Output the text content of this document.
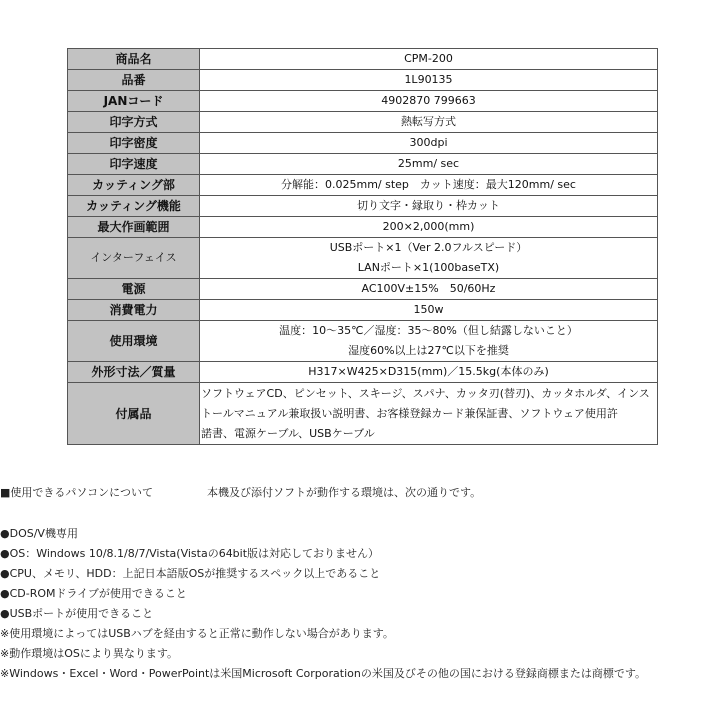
商品名	CPM-200
品番	1L90135
JANコード	4902870 799663
印字方式	熱転写方式
印字密度	300dpi
印字速度	25mm/ sec
カッティング部	分解能：0.025mm/ step　カット速度：最大120mm/ sec
カッティング機能	切り文字・縁取り・枠カット
最大作画範囲	200×2,000(mm)
インターフェイス	USBポート×1（Ver 2.0フルスピード）
LANポート×1(100baseTX)

電源	AC100V±15%　50/60Hz
消費電力	150w
使用環境	温度：10～35℃／湿度：35～80%（但し結露しないこと）
湿度60%以上は27℃以下を推奨

外形寸法／質量	H317×W425×D315(mm)／15.5kg(本体のみ)
付属品	ソフトウェアCD、ピンセット、スキージ、スパナ、カッタ刃(替刃)、カッタホルダ、インス
トールマニュアル兼取扱い説明書、お客様登録カード兼保証書、ソフトウェア使用許
諾書、電源ケーブル、USBケーブル
■使用できるパソコンについて	本機及び添付ソフトが動作する環境は、次の通りです。
●DOS/V機専用
●OS：Windows 10/8.1/8/7/Vista(Vistaの64bit版は対応しておりません）
●CPU、メモリ、HDD：上記日本語版OSが推奨するスペック以上であること
●CD-ROMドライブが使用できること
●USBポートが使用できること
※使用環境によってはUSBハブを経由すると正常に動作しない場合があります。
※動作環境はOSにより異なります。
※Windows・Excel・Word・PowerPointは米国Microsoft Corporationの米国及びその他の国における登録商標または商標です。
